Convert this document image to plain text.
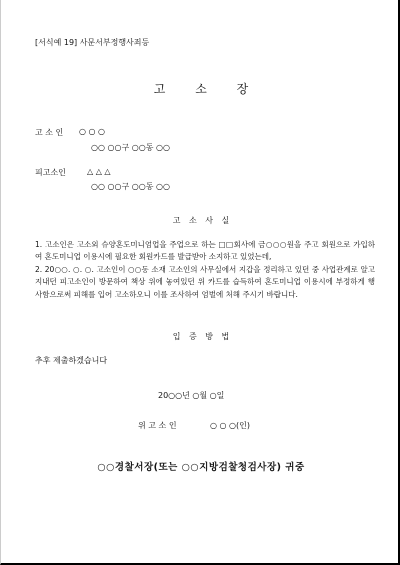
[서식예 19] 사문서부정행사죄등
고 소 장
고 소 인 ○ ○ ○
○○ ○○구 ○○동 ○○
피고소인	△ △ △
○○ ○○구 ○○동 ○○
고 소 사 실
1. 고소인은 고소외 슈양혼도미니엄업을 주업으로 하는 □□회사에 금○○○원을 주고 회원으로 가입하여 혼도미니업 이용시에 필요한 회원카드를 발급받아 소지하고 있었는데,
2. 20○○. ○. ○. 고소인이 ○○동 소재 고소인의 사무실에서 지갑을 정리하고 있던 중 사업관계로 알고 지내던 피고소인이 방문하여 책상 위에 놓여있던 위 카드를 습득하여 혼도미니업 이용시에 부정하게 행사함으로써 피해를 입어 고소하오니 이를 조사하여 엄벌에 처해 주시기 바랍니다.
입 증 방 법
추후 제출하겠습니다
20○○년 ○월 ○일
위 고 소 인	○ ○ ○(인)
○○경찰서장(또는 ○○지방검찰청검사장) 귀중
